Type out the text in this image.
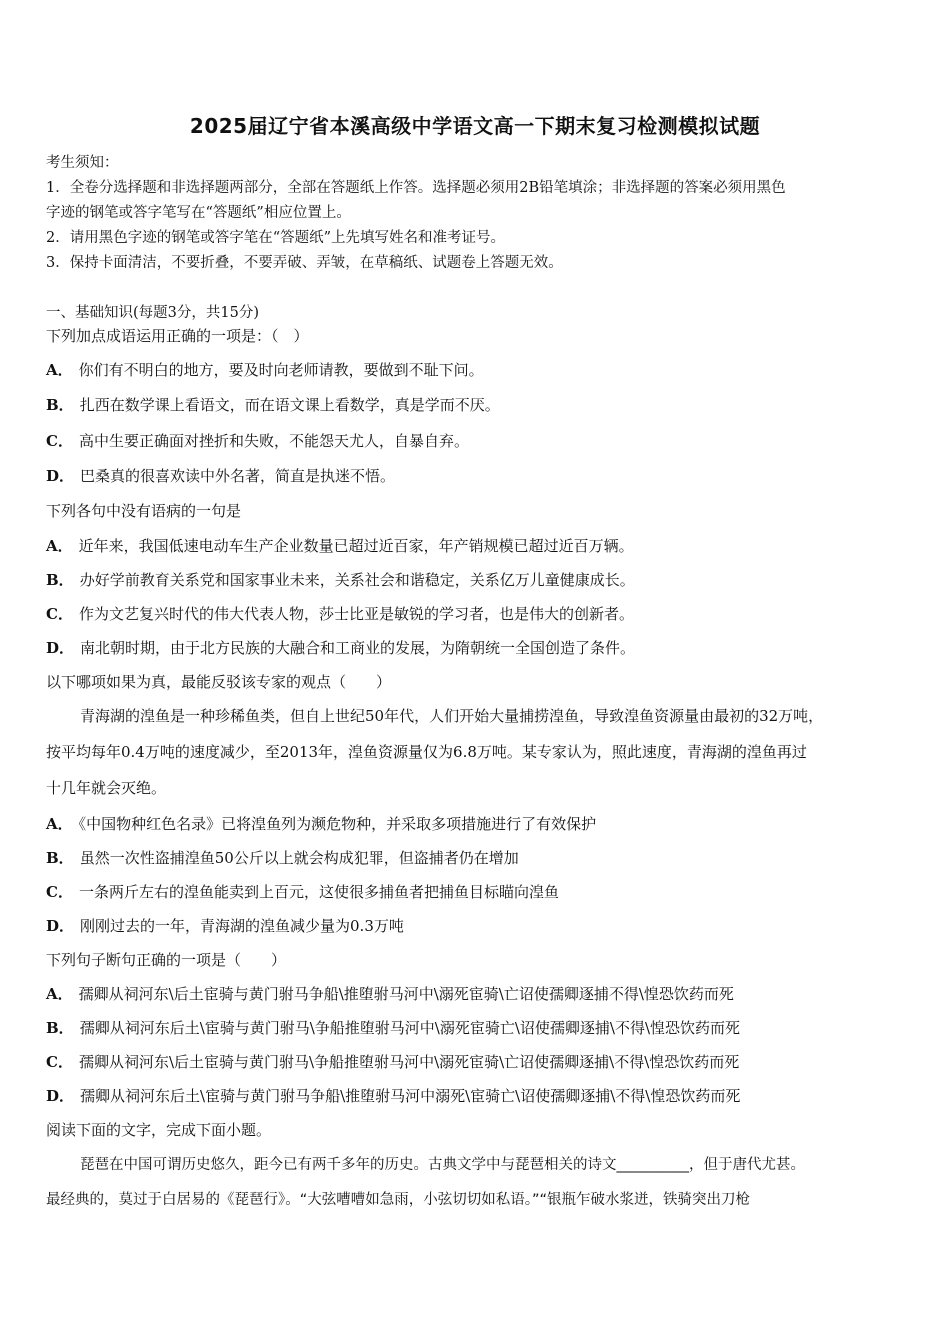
2025届辽宁省本溪高级中学语文高一下期末复习检测模拟试题
考生须知：
1．全卷分选择题和非选择题两部分，全部在答题纸上作答。选择题必须用2B铅笔填涂；非选择题的答案必须用黑色
字迹的钢笔或答字笔写在“答题纸”相应位置上。
2．请用黑色字迹的钢笔或答字笔在“答题纸”上先填写姓名和准考证号。
3．保持卡面清洁，不要折叠，不要弄破、弄皱，在草稿纸、试题卷上答题无效。
一、基础知识(每题3分，共15分)
下列加点成语运用正确的一项是：（　）
A． 你们有不明白的地方，要及时向老师请教，要做到不耻下问。
B． 扎西在数学课上看语文，而在语文课上看数学，真是学而不厌。
C． 高中生要正确面对挫折和失败，不能怨天尤人，自暴自弃。
D． 巴桑真的很喜欢读中外名著，简直是执迷不悟。
下列各句中没有语病的一句是
A． 近年来，我国低速电动车生产企业数量已超过近百家，年产销规模已超过近百万辆。
B． 办好学前教育关系党和国家事业未来，关系社会和谐稳定，关系亿万儿童健康成长。
C． 作为文艺复兴时代的伟大代表人物，莎士比亚是敏锐的学习者，也是伟大的创新者。
D． 南北朝时期，由于北方民族的大融合和工商业的发展，为隋朝统一全国创造了条件。
以下哪项如果为真，最能反驳该专家的观点（　　）
青海湖的湟鱼是一种珍稀鱼类，但自上世纪50年代，人们开始大量捕捞湟鱼，导致湟鱼资源量由最初的32万吨，
按平均每年0.4万吨的速度减少，至2013年，湟鱼资源量仅为6.8万吨。某专家认为，照此速度，青海湖的湟鱼再过
十几年就会灭绝。
A． 《中国物种红色名录》已将湟鱼列为濒危物种，并采取多项措施进行了有效保护
B． 虽然一次性盗捕湟鱼50公斤以上就会构成犯罪，但盗捕者仍在增加
C． 一条两斤左右的湟鱼能卖到上百元，这使很多捕鱼者把捕鱼目标瞄向湟鱼
D． 刚刚过去的一年，青海湖的湟鱼减少量为0.3万吨
下列句子断句正确的一项是（　　）
A． 孺卿从祠河东\后土宦骑与黄门驸马争船\推堕驸马河中\溺死宦骑\亡诏使孺卿逐捕不得\惶恐饮药而死
B． 孺卿从祠河东后土\宦骑与黄门驸马\争船推堕驸马河中\溺死宦骑亡\诏使孺卿逐捕\不得\惶恐饮药而死
C． 孺卿从祠河东\后土宦骑与黄门驸马\争船推堕驸马河中\溺死宦骑\亡诏使孺卿逐捕\不得\惶恐饮药而死
D． 孺卿从祠河东后土\宦骑与黄门驸马争船\推堕驸马河中溺死\宦骑亡\诏使孺卿逐捕\不得\惶恐饮药而死
阅读下面的文字，完成下面小题。
琵琶在中国可谓历史悠久，距今已有两千多年的历史。古典文学中与琵琶相关的诗文__________，但于唐代尤甚。
最经典的，莫过于白居易的《琵琶行》。“大弦嘈嘈如急雨，小弦切切如私语。”“银瓶乍破水浆迸，铁骑突出刀枪
